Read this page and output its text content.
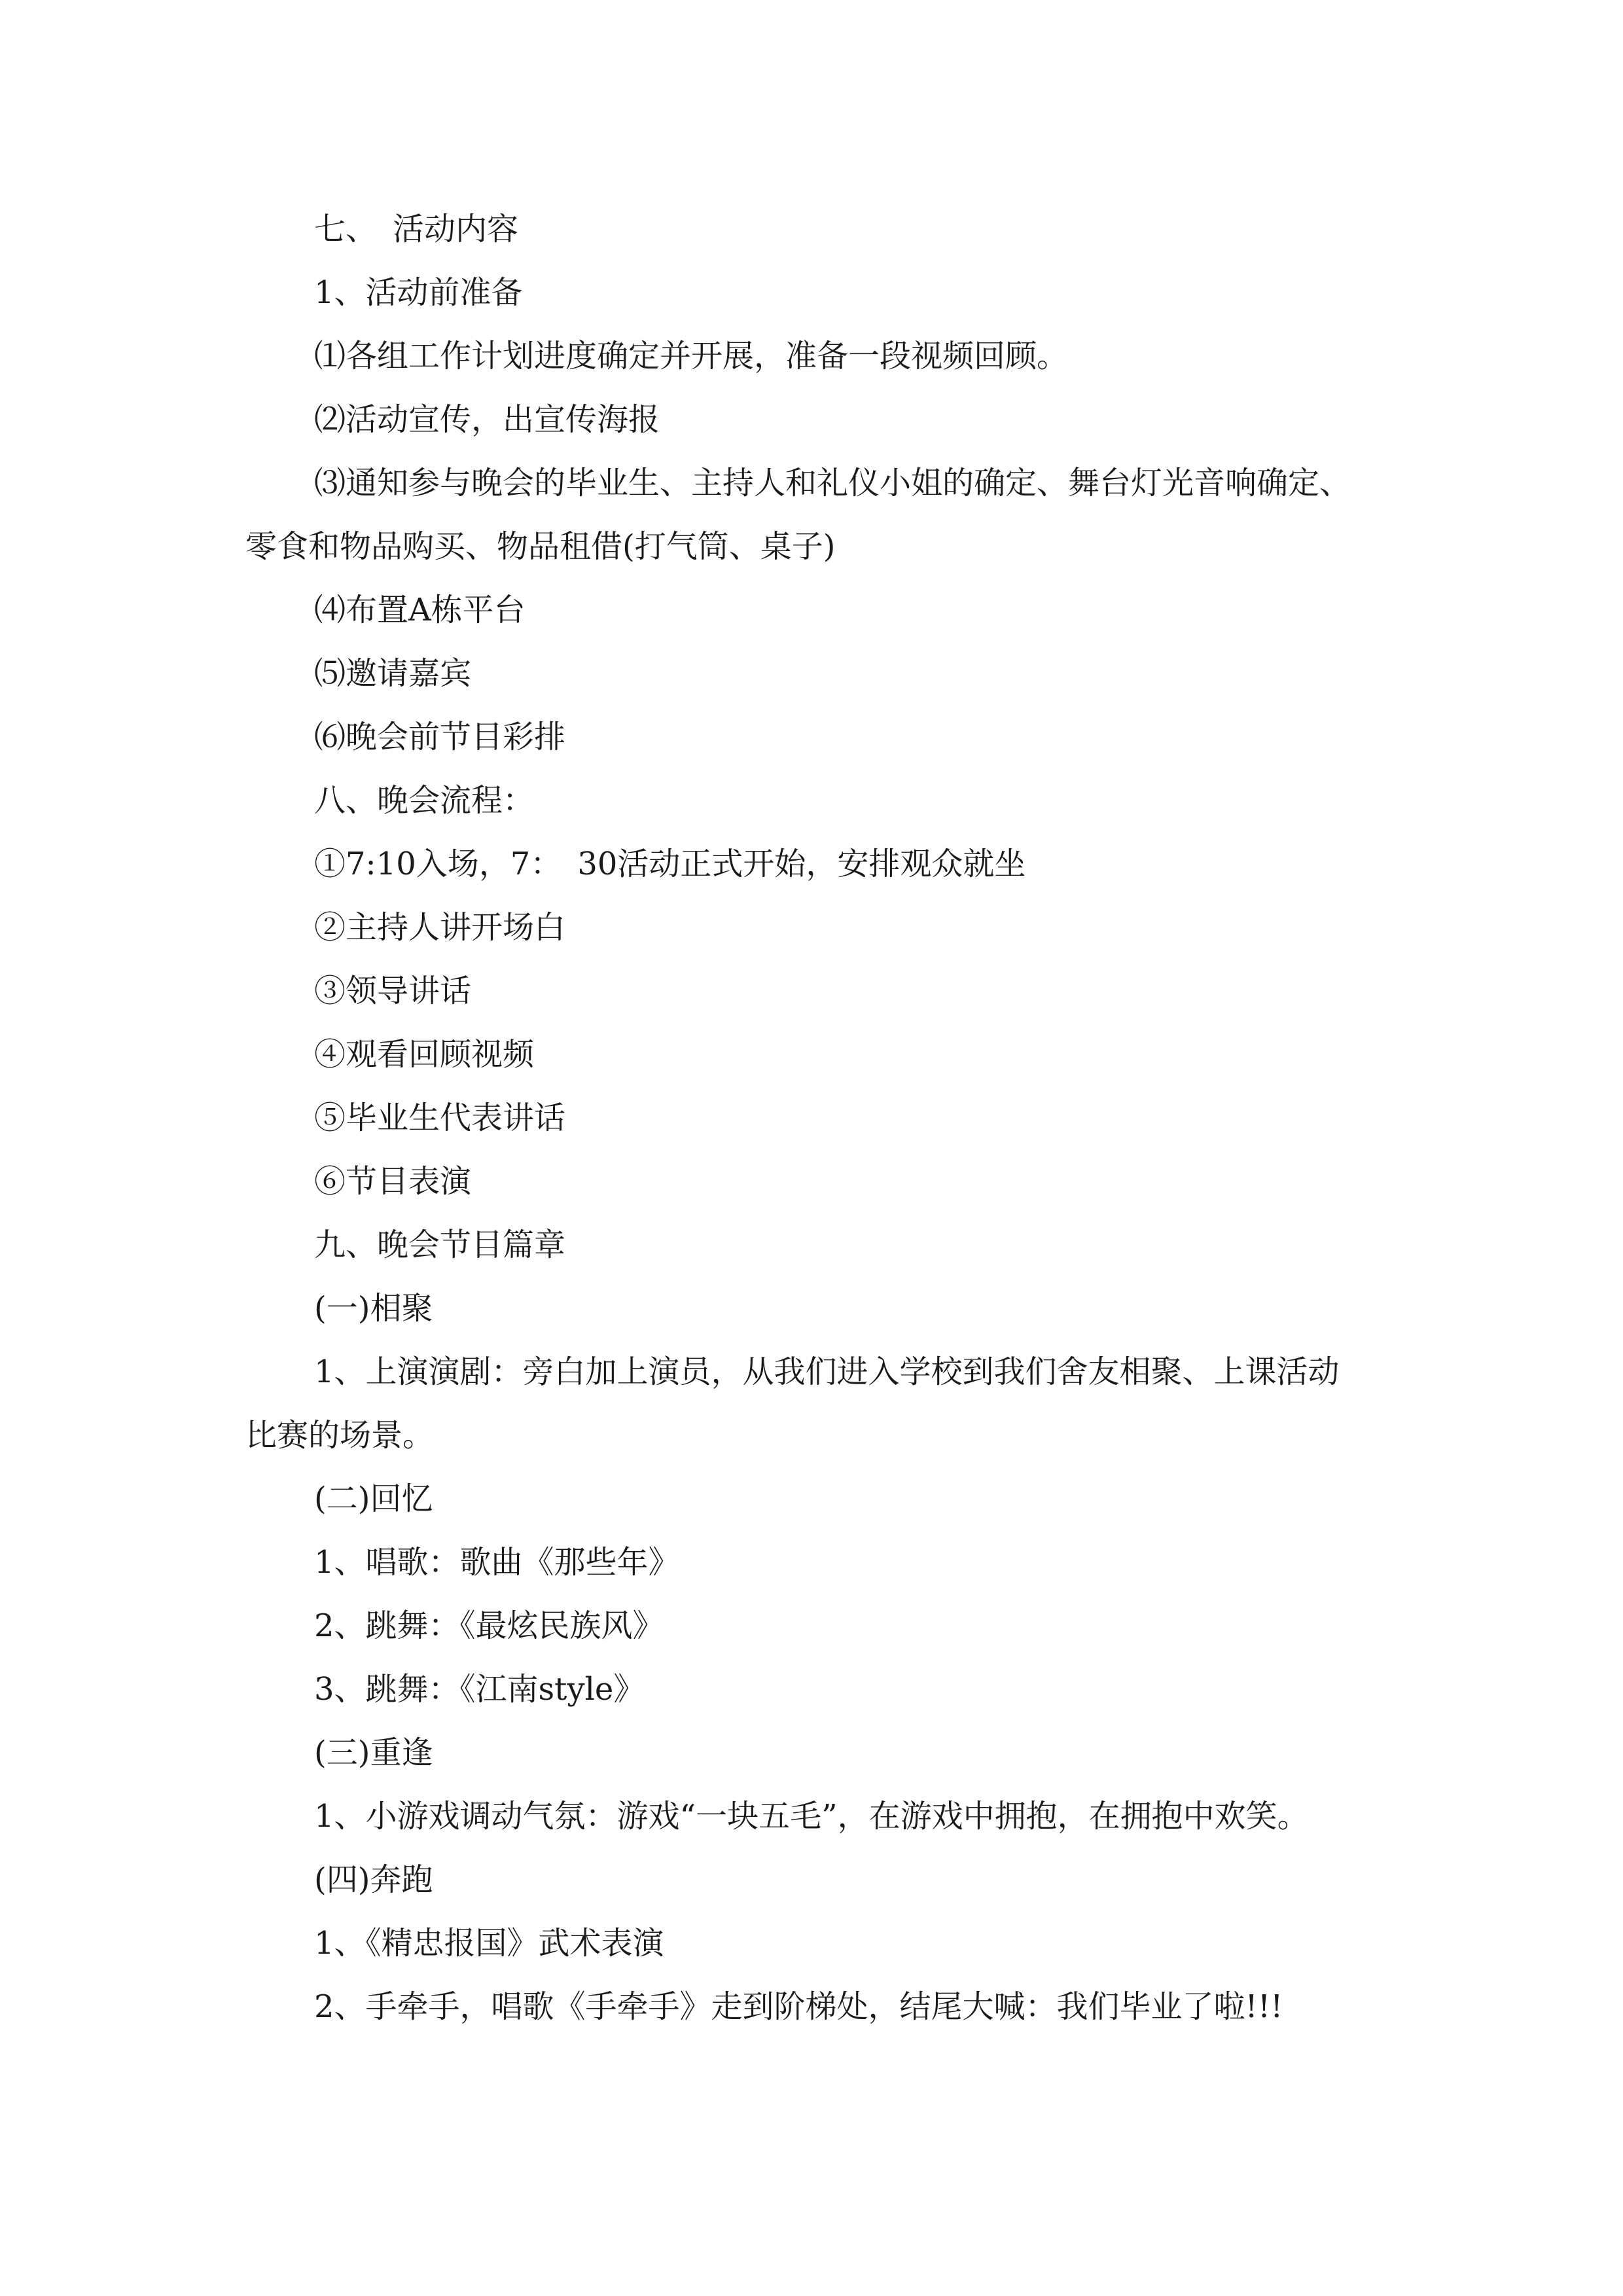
七、　活动内容

1、活动前准备

⑴各组工作计划进度确定并开展，准备一段视频回顾。

⑵活动宣传，出宣传海报

⑶通知参与晚会的毕业生、主持人和礼仪小姐的确定、舞台灯光音响确定、

零食和物品购买、物品租借(打气筒、桌子)

⑷布置A栋平台

⑸邀请嘉宾

⑹晚会前节目彩排

八、晚会流程：

①7:10入场，7：　30活动正式开始，安排观众就坐

②主持人讲开场白

③领导讲话

④观看回顾视频

⑤毕业生代表讲话

⑥节目表演

九、晚会节目篇章

(一)相聚

1、上演演剧：旁白加上演员，从我们进入学校到我们舍友相聚、上课活动

比赛的场景。

(二)回忆

1、唱歌：歌曲《那些年》

2、跳舞：《最炫民族风》

3、跳舞：《江南style》

(三)重逢

1、小游戏调动气氛：游戏“一块五毛”，在游戏中拥抱，在拥抱中欢笑。

(四)奔跑

1、《精忠报国》武术表演

2、手牵手，唱歌《手牵手》走到阶梯处，结尾大喊：我们毕业了啦!!!
